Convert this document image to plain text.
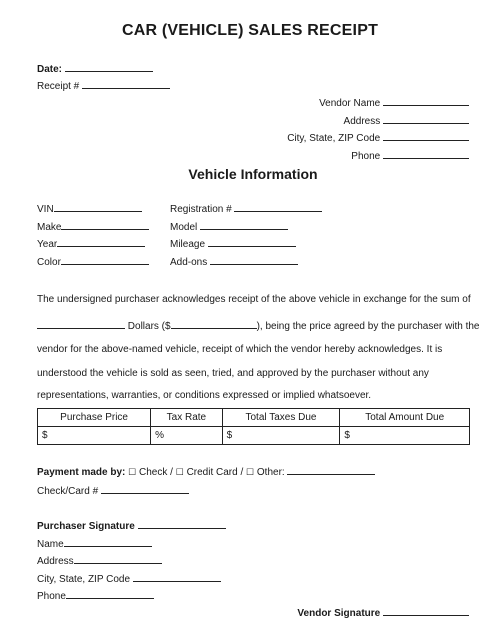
CAR (VEHICLE) SALES RECEIPT
Date:
Receipt #
Vendor Name
Address
City, State, ZIP Code
Phone
Vehicle Information
VIN
Make
Year
Color
Registration #
Model
Mileage
Add-ons
The undersigned purchaser acknowledges receipt of the above vehicle in exchange for the sum of
Dollars ($	), being the price agreed by the purchaser with the
vendor for the above-named vehicle, receipt of which the vendor hereby acknowledges. It is
understood the vehicle is sold as seen, tried, and approved by the purchaser without any
representations, warranties, or conditions expressed or implied whatsoever.
Purchase Price	Tax Rate	Total Taxes Due	Total Amount Due
$	%	$	$
Payment made by: ☐ Check / ☐ Credit Card / ☐ Other:
Check/Card #
Purchaser Signature
Name
Address
City, State, ZIP Code
Phone
Vendor Signature
